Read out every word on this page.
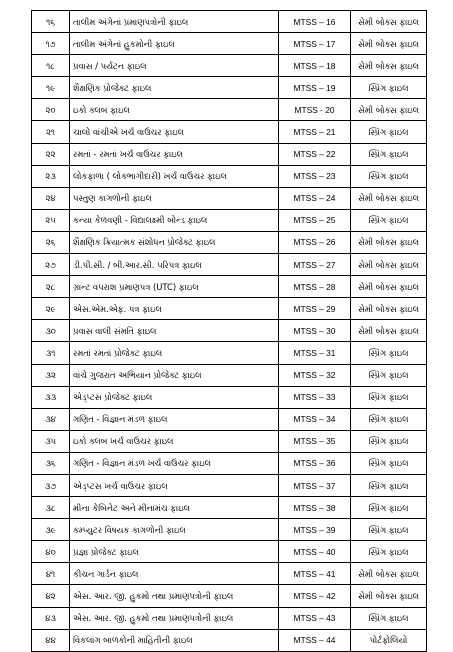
૧૬	તાલીમ અંગેનાં પ્રમાણપત્રોની ફાઇલ	MTSS – 16	સેમી બોક્સ ફાઇલ
૧૭	તાલીમ અંગેનાં હુકમોની ફાઇલ	MTSS – 17	સેમી બોક્સ ફાઇલ
૧૮	પ્રવાસ / પર્યટન ફાઇલ	MTSS – 18	સેમી બોક્સ ફાઇલ
૧૯	શૈક્ષણિક પ્રોજેક્ટ ફાઇલ	MTSS – 19	સ્પ્રિંગ ફાઇલ
૨૦	ઇકો ક્લબ ફાઇલ	MTSS - 20	સેમી બોક્સ ફાઇલ
૨૧	ચાલો વાંચીએ ખર્ચ વાઉચર ફાઇલ	MTSS – 21	સ્પ્રિંગ ફાઇલ
૨૨	રમતાં - રમતાં ખર્ચ વાઉચર ફાઇલ	MTSS – 22	સ્પ્રિંગ ફાઇલ
૨૩	લોકફાળા ( લોકભાગીદારી) ખર્ચ વાઉચર ફાઇલ	MTSS – 23	સ્પ્રિંગ ફાઇલ
૨૪	પસ્તુણ કાગળોની ફાઇલ	MTSS – 24	સેમી બોક્સ ફાઇલ
૨૫	કન્યા કેળવણી - વિદ્યાલક્ષ્મી બોન્ડ ફાઇલ	MTSS – 25	સ્પ્રિંગ ફાઇલ
૨૬	શૈક્ષણિક ક્રિયાત્મક સંશોધન પ્રોજેક્ટ ફાઇલ	MTSS – 26	સેમી બોક્સ ફાઇલ
૨૭	ડી.પી.સી. / બી.આર.સી. પરિપત્ર ફાઇલ	MTSS – 27	સેમી બોક્સ ફાઇલ
૨૮	ગ્રાન્ટ વપરાશ પ્રમાણપત્ર (UTC) ફાઇલ	MTSS – 28	સેમી બોક્સ ફાઇલ
૨૯	એસ.એમ.એફ. પત્ર ફાઇલ	MTSS – 29	સેમી બોક્સ ફાઇલ
૩૦	પ્રવાસ વાલી સંમતિ ફાઇલ	MTSS – 30	સેમી બોક્સ ફાઇલ
૩૧	રમતાં રમતાં પ્રોજેક્ટ ફાઇલ	MTSS – 31	સ્પ્રિંગ ફાઇલ
૩૨	વાંચે ગુજરાત અભિયાન પ્રોજેક્ટ ફાઇલ	MTSS – 32	સ્પ્રિંગ ફાઇલ
૩૩	એડ્પ્ટસ પ્રોજેક્ટ ફાઇલ	MTSS – 33	સ્પ્રિંગ ફાઇલ
૩૪	ગણિત - વિજ્ઞાન મંડળ ફાઇલ	MTSS – 34	સ્પ્રિંગ ફાઇલ
૩૫	ઇકો ક્લબ ખર્ચ વાઉચર ફાઇલ	MTSS – 35	સ્પ્રિંગ ફાઇલ
૩૬	ગણિત - વિજ્ઞાન મંડળ ખર્ચ વાઉચર ફાઇલ	MTSS – 36	સ્પ્રિંગ ફાઇલ
૩૭	એડ્પ્ટસ ખર્ચ વાઉચર ફાઇલ	MTSS – 37	સ્પ્રિંગ ફાઇલ
૩૮	મીના કેબિનેટ અને મીનામંચ ફાઇલ	MTSS – 38	સ્પ્રિંગ ફાઇલ
૩૯	કમ્પ્યુટર વિષયક કાગળોની ફાઇલ	MTSS – 39	સ્પ્રિંગ ફાઇલ
૪૦	પ્રજ્ઞા પ્રોજેક્ટ ફાઇલ	MTSS – 40	સ્પ્રિંગ ફાઇલ
૪૧	કીચન ગાર્ડન ફાઇલ	MTSS – 41	સેમી બોક્સ ફાઇલ
૪૨	એસ. આર. જી. હુકમો તથા પ્રમાણપત્રોની ફાઇલ	MTSS – 42	સેમી બોક્સ ફાઇલ
૪૩	એસ. આર. જી. હુકમો તથા પ્રમાણપત્રોની ફાઇલ	MTSS – 43	સ્પ્રિંગ ફાઇલ
૪૪	વિકલાંગ બાળકોની માહિતીની ફાઇલ	MTSS – 44	પોર્ટફોલિયો
